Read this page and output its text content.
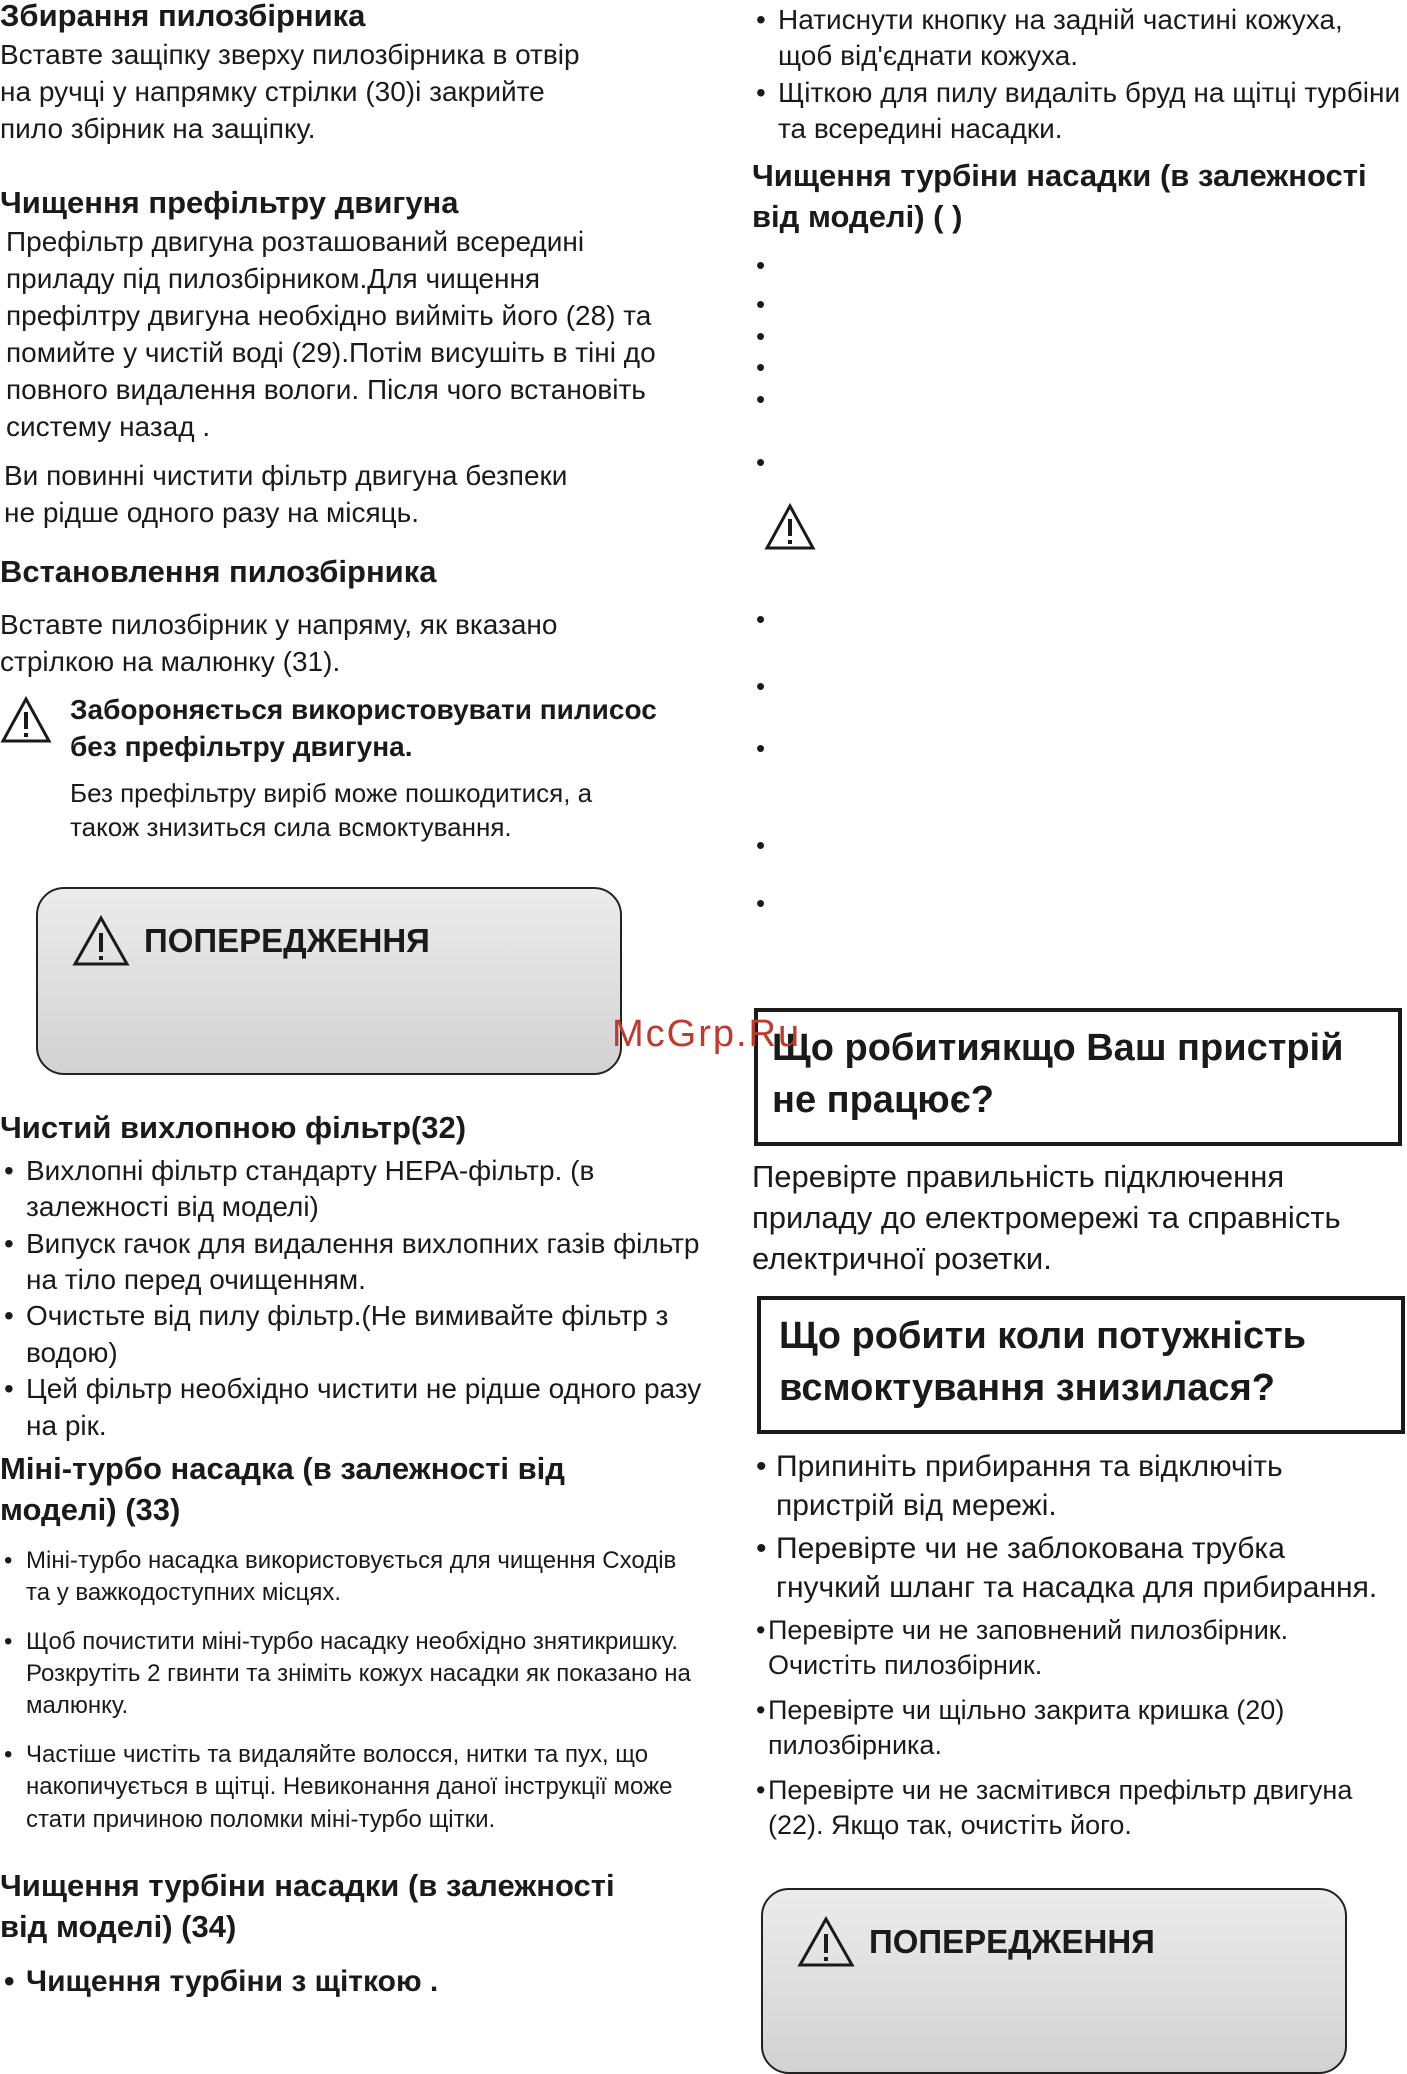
Збирання пилозбірника

Вставте защіпку зверху пилозбірника в отвір

на ручці у напрямку стрілки (30)і закрийте

пило збірник на защіпку.

Чищення префільтру двигуна

Префільтр двигуна розташований всередині

приладу під пилозбірником.Для чищення

префілтру двигуна необхідно вийміть його (28) та

помийте у чистій воді (29).Потім висушіть в тіні до

повного видалення вологи. Після чого встановіть

систему назад .

Ви повинні чистити фільтр двигуна безпеки

не рідше одного разу на місяць.

Встановлення пилозбірника

Вставте пилозбірник у напряму, як вказано

стрілкою на малюнку (31).

Забороняється використовувати пилисос

без префільтру двигуна.

Без префільтру виріб може пошкодитися, а

також знизиться сила всмоктування.

ПОПЕРЕДЖЕННЯ
Чистий вихлопною фільтр(32)
• Вихлопні фільтр стандарту HEPA-фільтр. (в залежності від моделі)
• Випуск гачок для видалення вихлопних газів фільтр на тіло перед очищенням.
• Очистьте від пилу фільтр.(Не вимивайте фільтр з водою)
• Цей фільтр необхідно чистити не рідше одного разу на рік.
Міні-турбо насадка (в залежності від
моделі) (33)
• Міні-турбо насадка використовується для чищення Сходів та у важкодоступних місцях.
• Щоб почистити міні-турбо насадку необхідно знятикришку. Розкрутіть 2 гвинти та зніміть кожух насадки як показано на малюнку.
• Частіше чистіть та видаляйте волосся, нитки та пух, що накопичується в щітці. Невиконання даної інструкції може стати причиною поломки міні-турбо щітки.
Чищення турбіни насадки (в залежності
від моделі) (34)
• Чищення турбіни з щіткою .
• Натиснути кнопку на задній частині кожуха, щоб від'єднати кожуха.
• Щіткою для пилу видаліть бруд на щітці турбіни та всередині насадки.
Чищення турбіни насадки (в залежності
від моделі) ( )
•
•
•
•
•
•
•
•
•
•
•
Що робитиякщо Ваш пристрій
не працює?

Перевірте правильність підключення

приладу до електромережі та справність

електричної розетки.

Що робити коли потужність
всмоктування знизилася?
• Припиніть прибирання та відключіть пристрій від мережі.
• Перевірте чи не заблокована трубка гнучкий шланг та насадка для прибирання.
• Перевірте чи не заповнений пилозбірник. Очистіть пилозбірник.
• Перевірте чи щільно закрита кришка (20) пилозбірника.
• Перевірте чи не засмітився префільтр двигуна (22). Якщо так, очистіть його.
ПОПЕРЕДЖЕННЯ
McGrp.Ru
